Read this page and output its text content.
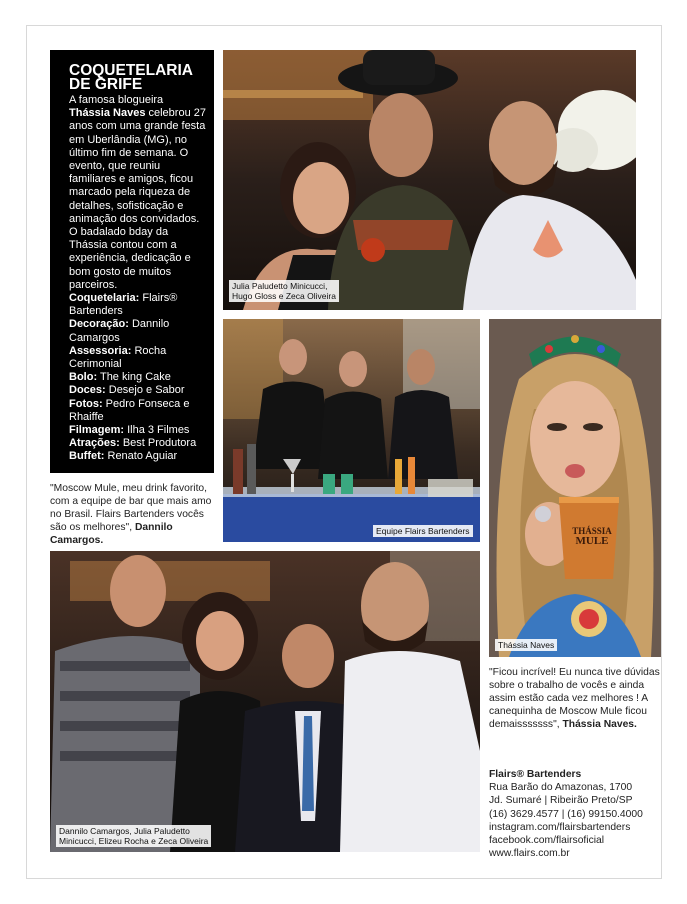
COQUETELARIA
DE GRIFE
A famosa blogueira Thássia Naves celebrou 27 anos com uma grande festa em Uberlândia (MG), no último fim de semana. O evento, que reuniu familiares e amigos, ficou marcado pela riqueza de detalhes, sofisticação e animação dos convidados. O badalado bday da Thássia contou com a experiência, dedicação e bom gosto de muitos parceiros.
Coquetelaria: Flairs® Bartenders
Decoração: Dannilo Camargos
Assessoria: Rocha Cerimonial
Bolo: The king Cake
Doces: Desejo e Sabor
Fotos: Pedro Fonseca e Rhaiffe
Filmagem: Ilha 3 Filmes
Atrações: Best Produtora
Buffet: Renato Aguiar
Julia Paludetto Minicucci,
Hugo Gloss e Zeca Oliveira
Equipe Flairs Bartenders	THÁSSIA
MULE
Thássia Naves
"Moscow Mule, meu drink favorito, com a equipe de bar que mais amo no Brasil. Flairs Bartenders vocês são os melhores", Dannilo Camargos.
Dannilo Camargos, Julia Paludetto
Minicucci, Elizeu Rocha e Zeca Oliveira
"Ficou incrível! Eu nunca tive dúvidas sobre o trabalho de vocês e ainda assim estão cada vez melhores ! A canequinha de Moscow Mule ficou demaisssssss", Thássia Naves.
Flairs® Bartenders
Rua Barão do Amazonas, 1700
Jd. Sumaré | Ribeirão Preto/SP
(16) 3629.4577 | (16) 99150.4000
instagram.com/flairsbartenders
facebook.com/flairsoficial
www.flairs.com.br
